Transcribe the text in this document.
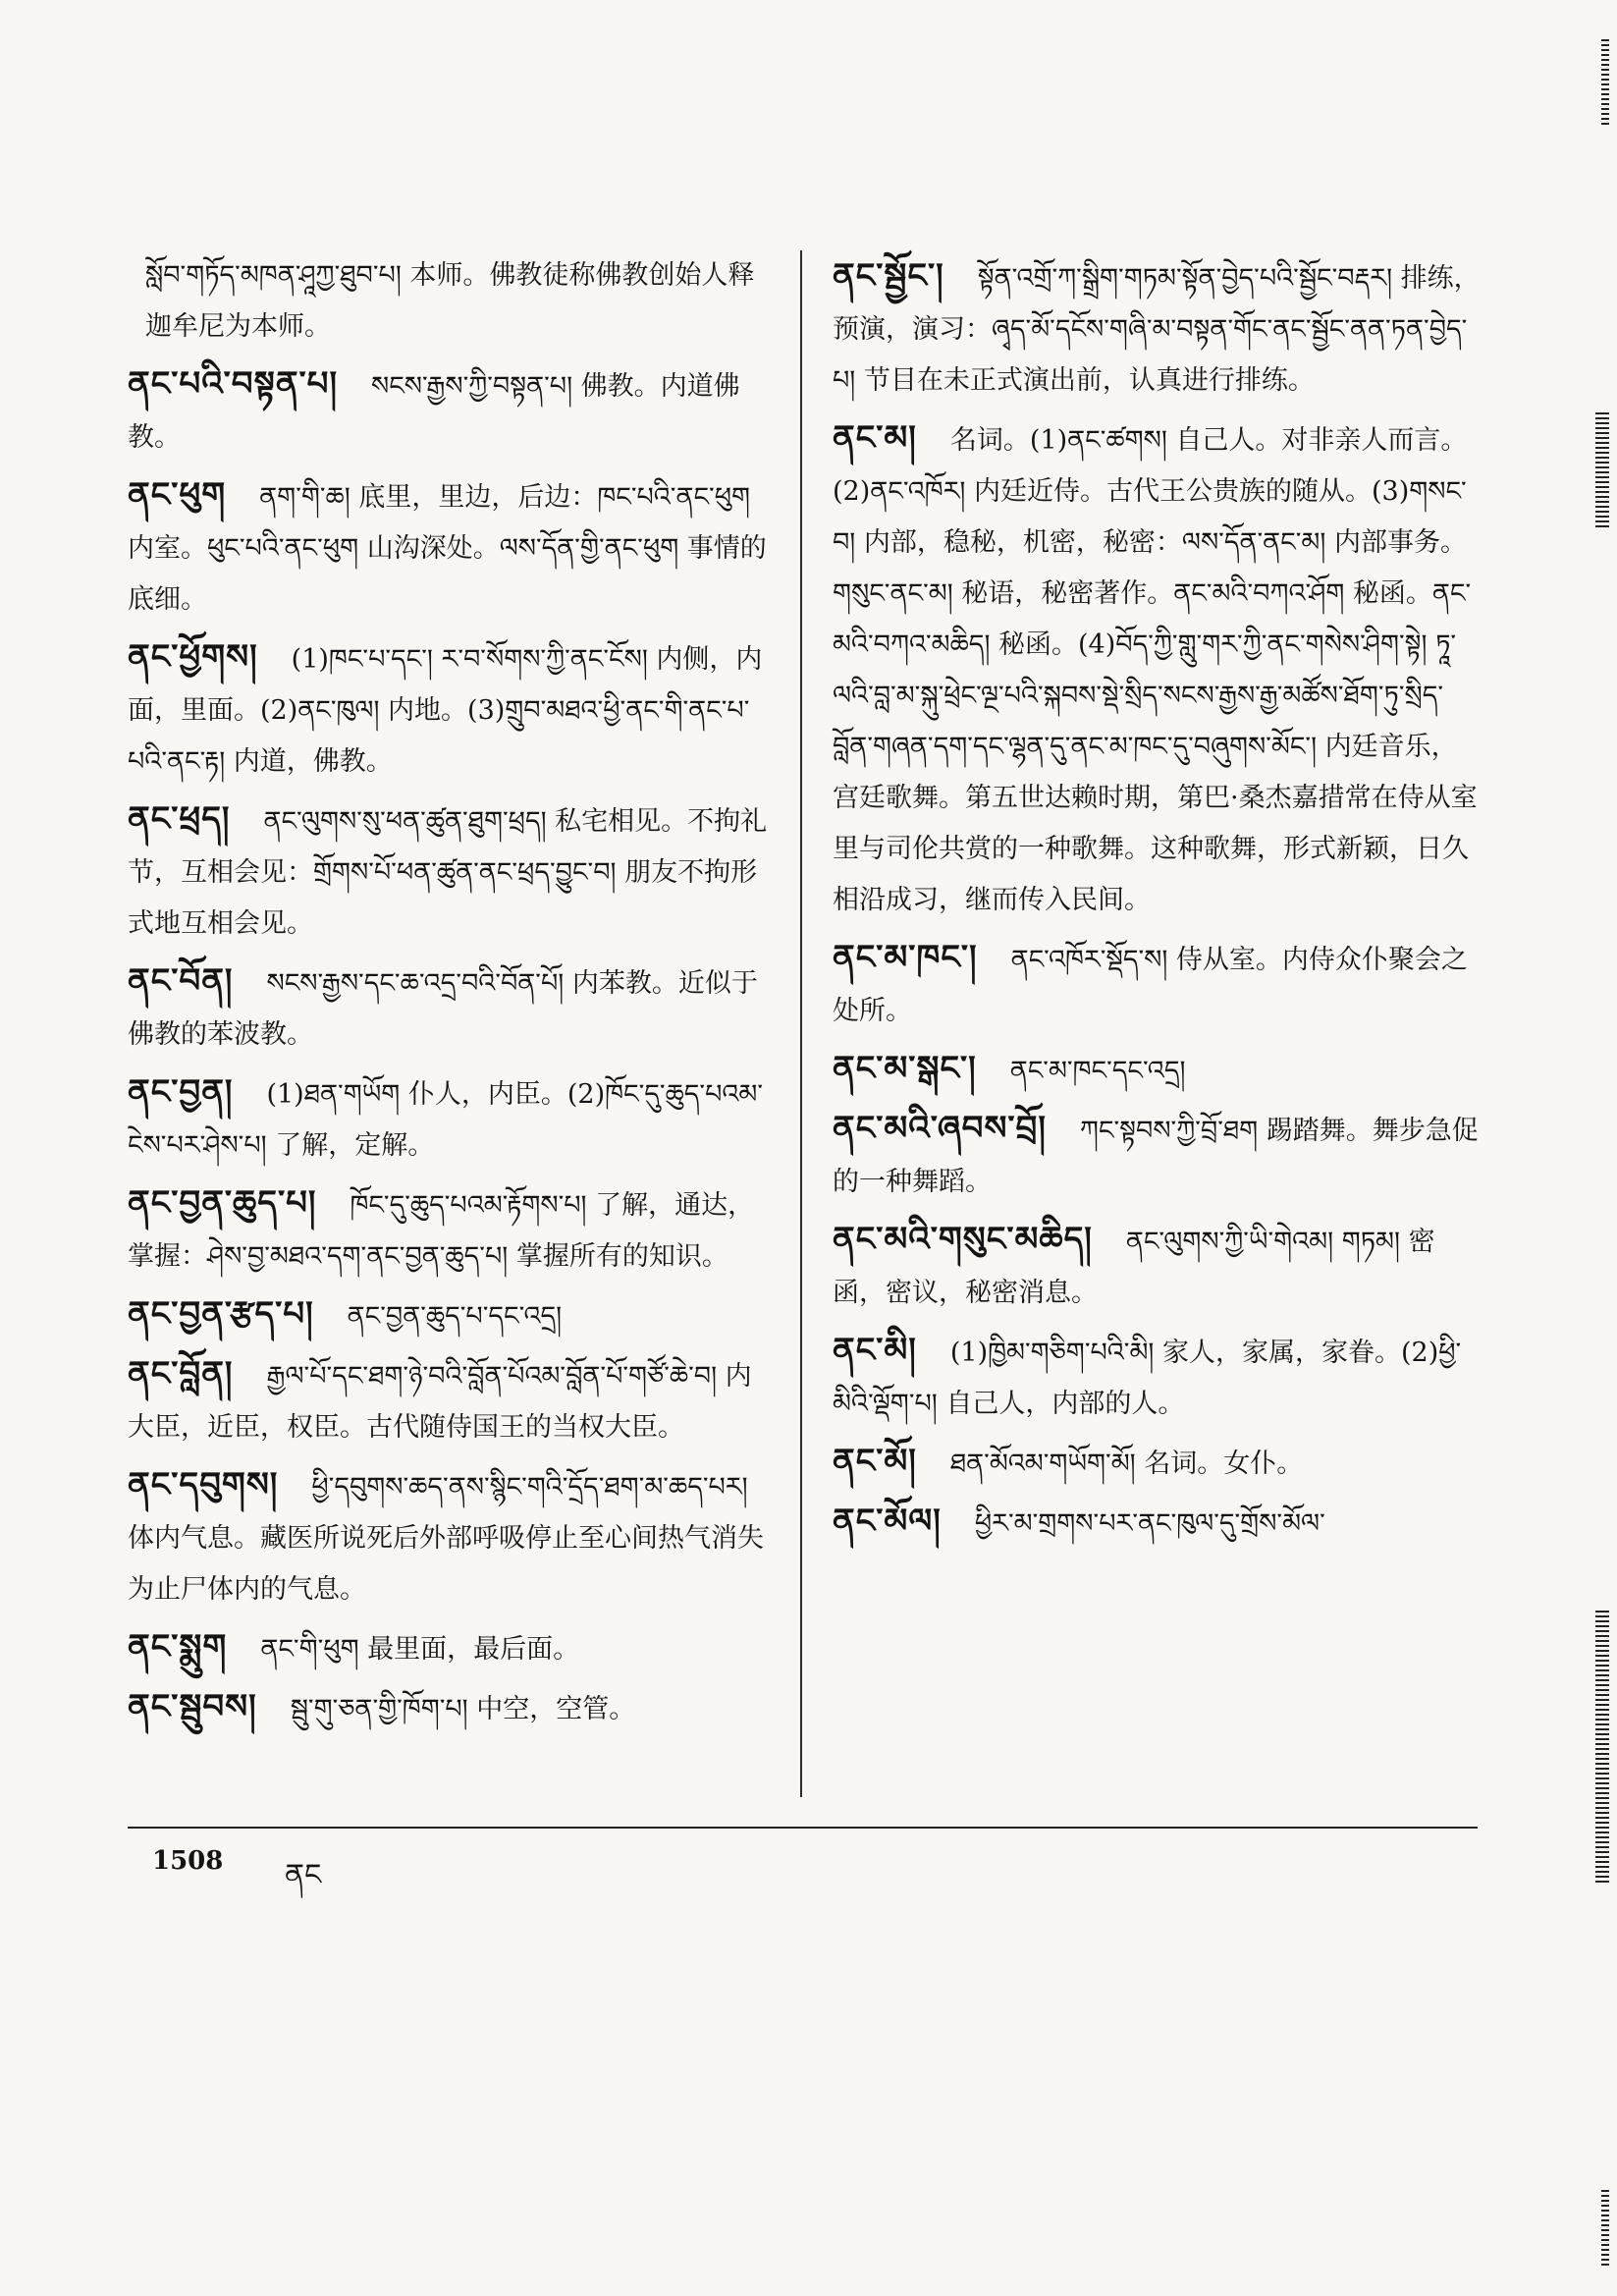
སློབ་གཏོད་མཁན་ཤཱཀྱ་ཐུབ་པ། 本师。佛教徒称佛教创始人释迦牟尼为本师。
ནང་པའི་བསྟན་པ། སངས་རྒྱས་ཀྱི་བསྟན་པ། 佛教。内道佛教。
ནང་ཕུག ནག་གི་ཆ། 底里，里边，后边：ཁང་པའི་ནང་ཕུག 内室。ཕུང་པའི་ནང་ཕུག 山沟深处。ལས་དོན་གྱི་ནང་ཕུག 事情的底细。
ནང་ཕྱོགས། (1)ཁང་པ་དང་། ར་བ་སོགས་ཀྱི་ནང་ངོས། 内侧，内面，里面。(2)ནང་ཁུལ། 内地。(3)གྲུབ་མཐའ་ཕྱི་ནང་གི་ནང་པ་པའི་ནང་རྟ། 内道，佛教。
ནང་ཕྲད། ནང་ལུགས་སུ་ཕན་ཚུན་ཐུག་ཕྲད། 私宅相见。不拘礼节，互相会见：གྲོགས་པོ་ཕན་ཚུན་ནང་ཕྲད་བྱུང་བ། 朋友不拘形式地互相会见。
ནང་བོན། སངས་རྒྱས་དང་ཆ་འདྲ་བའི་བོན་པོ། 内苯教。近似于佛教的苯波教。
ནང་བྱན། (1)ཐན་གཡོག 仆人，内臣。(2)ཁོང་དུ་ཆུད་པའམ་ངེས་པར་ཤེས་པ། 了解，定解。
ནང་བྱན་ཆུད་པ། ཁོང་དུ་ཆུད་པའམ་རྟོགས་པ། 了解，通达，掌握：ཤེས་བྱ་མཐའ་དག་ནང་བྱན་ཆུད་པ། 掌握所有的知识。
ནང་བྱན་རྩད་པ། ནང་བྱན་ཆུད་པ་དང་འདྲ།
ནང་བློན། རྒྱལ་པོ་དང་ཐག་ཉེ་བའི་བློན་པོའམ་བློན་པོ་གཙོ་ཆེ་བ། 内大臣，近臣，权臣。古代随侍国王的当权大臣。
ནང་དབུགས། ཕྱི་དབུགས་ཆད་ནས་སྙིང་གའི་དྲོད་ཐག་མ་ཆད་པར། 体内气息。藏医所说死后外部呼吸停止至心间热气消失为止尸体内的气息。
ནང་སྨུག ནང་གི་ཕུག 最里面，最后面。
ནང་སྦུབས། སྦུ་གུ་ཅན་གྱི་ཁོག་པ། 中空，空管。
ནང་སྦྱོང་། སྟོན་འགྲོ་ཀ་སྒྲིག་གཏམ་སྟོན་བྱེད་པའི་སྦྱོང་བརྡར། 排练，预演，演习：ཞྭད་མོ་དངོས་གཞི་མ་བསྟན་གོང་ནང་སྦྱོང་ནན་ཏན་བྱེད་པ། 节目在未正式演出前，认真进行排练。
ནང་མ། 名词。(1)ནང་ཚགས། 自己人。对非亲人而言。(2)ནང་འཁོར། 内廷近侍。古代王公贵族的随从。(3)གསང་བ། 内部，稳秘，机密，秘密：ལས་དོན་ནང་མ། 内部事务。གསུང་ནང་མ། 秘语，秘密著作。ནང་མའི་བཀའ་ཤོག 秘函。ནང་མའི་བཀའ་མཆིད། 秘函。(4)བོད་ཀྱི་གླུ་གར་ཀྱི་ནང་གསེས་ཤིག་སྟེ། ཏཱ་ལའི་བླ་མ་སྐུ་ཕྲེང་ལྔ་པའི་སྐབས་སྡེ་སྲིད་སངས་རྒྱས་རྒྱ་མཚོས་ཐོག་ཏུ་སྲིད་བློན་གཞན་དག་དང་ལྷན་དུ་ནང་མ་ཁང་དུ་བཞུགས་མོང་། 内廷音乐，宫廷歌舞。第五世达赖时期，第巴·桑杰嘉措常在侍从室里与司伦共赏的一种歌舞。这种歌舞，形式新颖，日久相沿成习，继而传入民间。
ནང་མ་ཁང་། ནང་འཁོར་སྡོད་ས། 侍从室。内侍众仆聚会之处所。
ནང་མ་སྒང་། ནང་མ་ཁང་དང་འདྲ།
ནང་མའི་ཞབས་བྲོ། ཀང་སྟབས་ཀྱི་བྲོ་ཐག 踢踏舞。舞步急促的一种舞蹈。
ནང་མའི་གསུང་མཆིད། ནང་ལུགས་ཀྱི་ཡི་གེའམ། གཏམ། 密函，密议，秘密消息。
ནང་མི། (1)ཁྱིམ་གཅིག་པའི་མི། 家人，家属，家眷。(2)ཕྱི་མིའི་ལྡོག་པ། 自己人，内部的人。
ནང་མོ། ཐན་མོའམ་གཡོག་མོ། 名词。女仆。
ནང་མོལ། ཕྱིར་མ་གྲགས་པར་ནང་ཁུལ་དུ་གྲོས་མོལ་
1508 ནང
